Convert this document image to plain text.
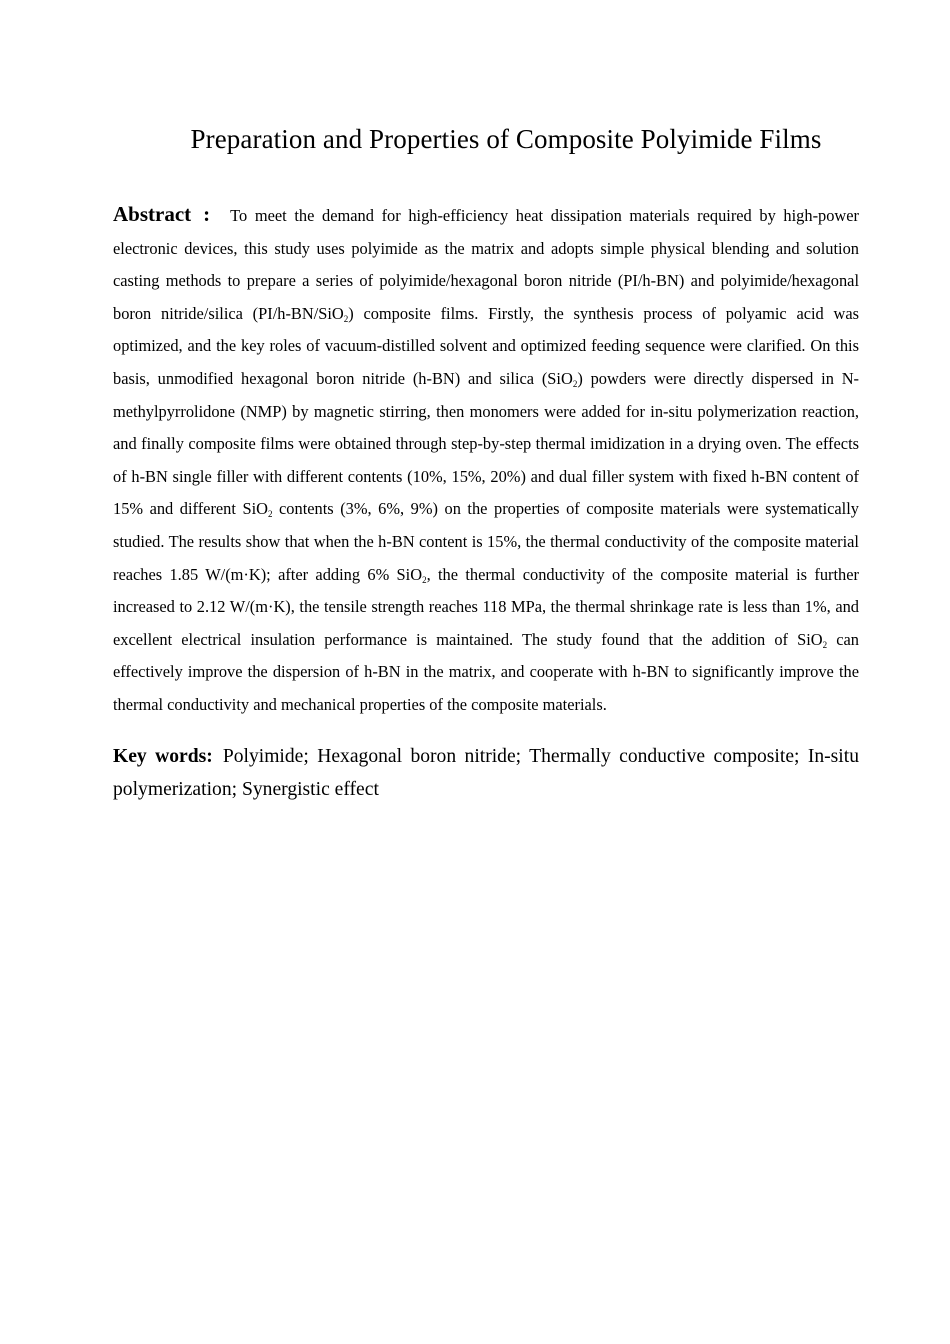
Preparation and Properties of Composite Polyimide Films

Abstract : To meet the demand for high-efficiency heat dissipation materials required by high-power electronic devices, this study uses polyimide as the matrix and adopts simple physical blending and solution casting methods to prepare a series of polyimide/hexagonal boron nitride (PI/h-BN) and polyimide/hexagonal boron nitride/silica (PI/h-BN/SiO$_2$) composite films. Firstly, the synthesis process of polyamic acid was optimized, and the key roles of vacuum-distilled solvent and optimized feeding sequence were clarified. On this basis, unmodified hexagonal boron nitride (h-BN) and silica (SiO$_2$) powders were directly dispersed in N-methylpyrrolidone (NMP) by magnetic stirring, then monomers were added for in-situ polymerization reaction, and finally composite films were obtained through step-by-step thermal imidization in a drying oven. The effects of h-BN single filler with different contents (10%, 15%, 20%) and dual filler system with fixed h-BN content of 15% and different SiO$_2$ contents (3%, 6%, 9%) on the properties of composite materials were systematically studied. The results show that when the h-BN content is 15%, the thermal conductivity of the composite material reaches 1.85 W/(m·K); after adding 6% SiO$_2$, the thermal conductivity of the composite material is further increased to 2.12 W/(m·K), the tensile strength reaches 118 MPa, the thermal shrinkage rate is less than 1%, and excellent electrical insulation performance is maintained. The study found that the addition of SiO$_2$ can effectively improve the dispersion of h-BN in the matrix, and cooperate with h-BN to significantly improve the thermal conductivity and mechanical properties of the composite materials.

Key words: Polyimide; Hexagonal boron nitride; Thermally conductive composite; In-situ polymerization; Synergistic effect
